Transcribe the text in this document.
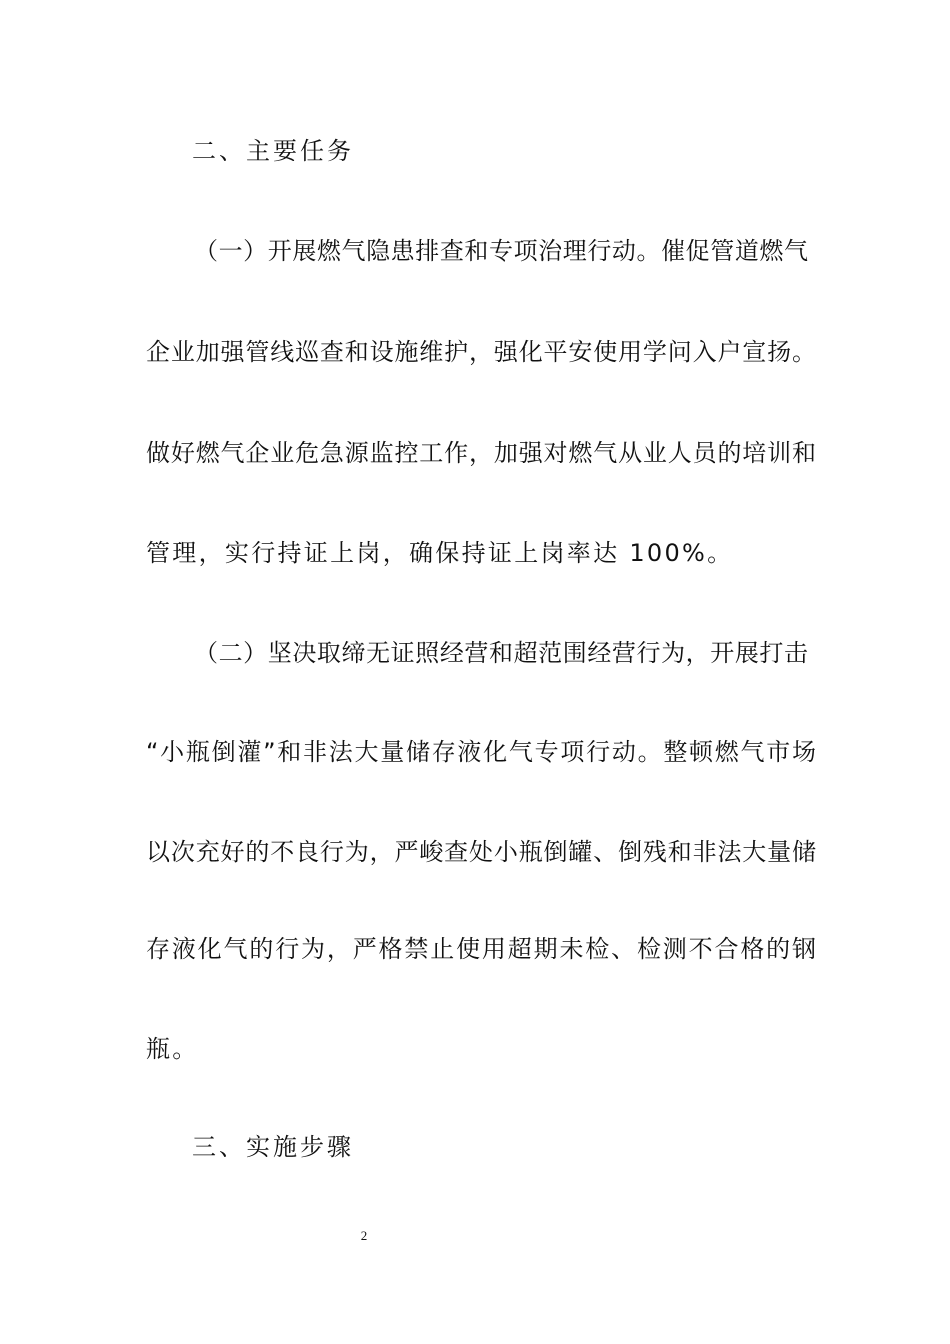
二、主要任务
（一）开展燃气隐患排查和专项治理行动。催促管道燃气
企业加强管线巡查和设施维护，强化平安使用学问入户宣扬。
做好燃气企业危急源监控工作，加强对燃气从业人员的培训和
管理，实行持证上岗，确保持证上岗率达 100%。
（二）坚决取缔无证照经营和超范围经营行为，开展打击
“小瓶倒灌”和非法大量储存液化气专项行动。整顿燃气市场
以次充好的不良行为，严峻查处小瓶倒罐、倒残和非法大量储
存液化气的行为，严格禁止使用超期未检、检测不合格的钢
瓶。
三、实施步骤
2
